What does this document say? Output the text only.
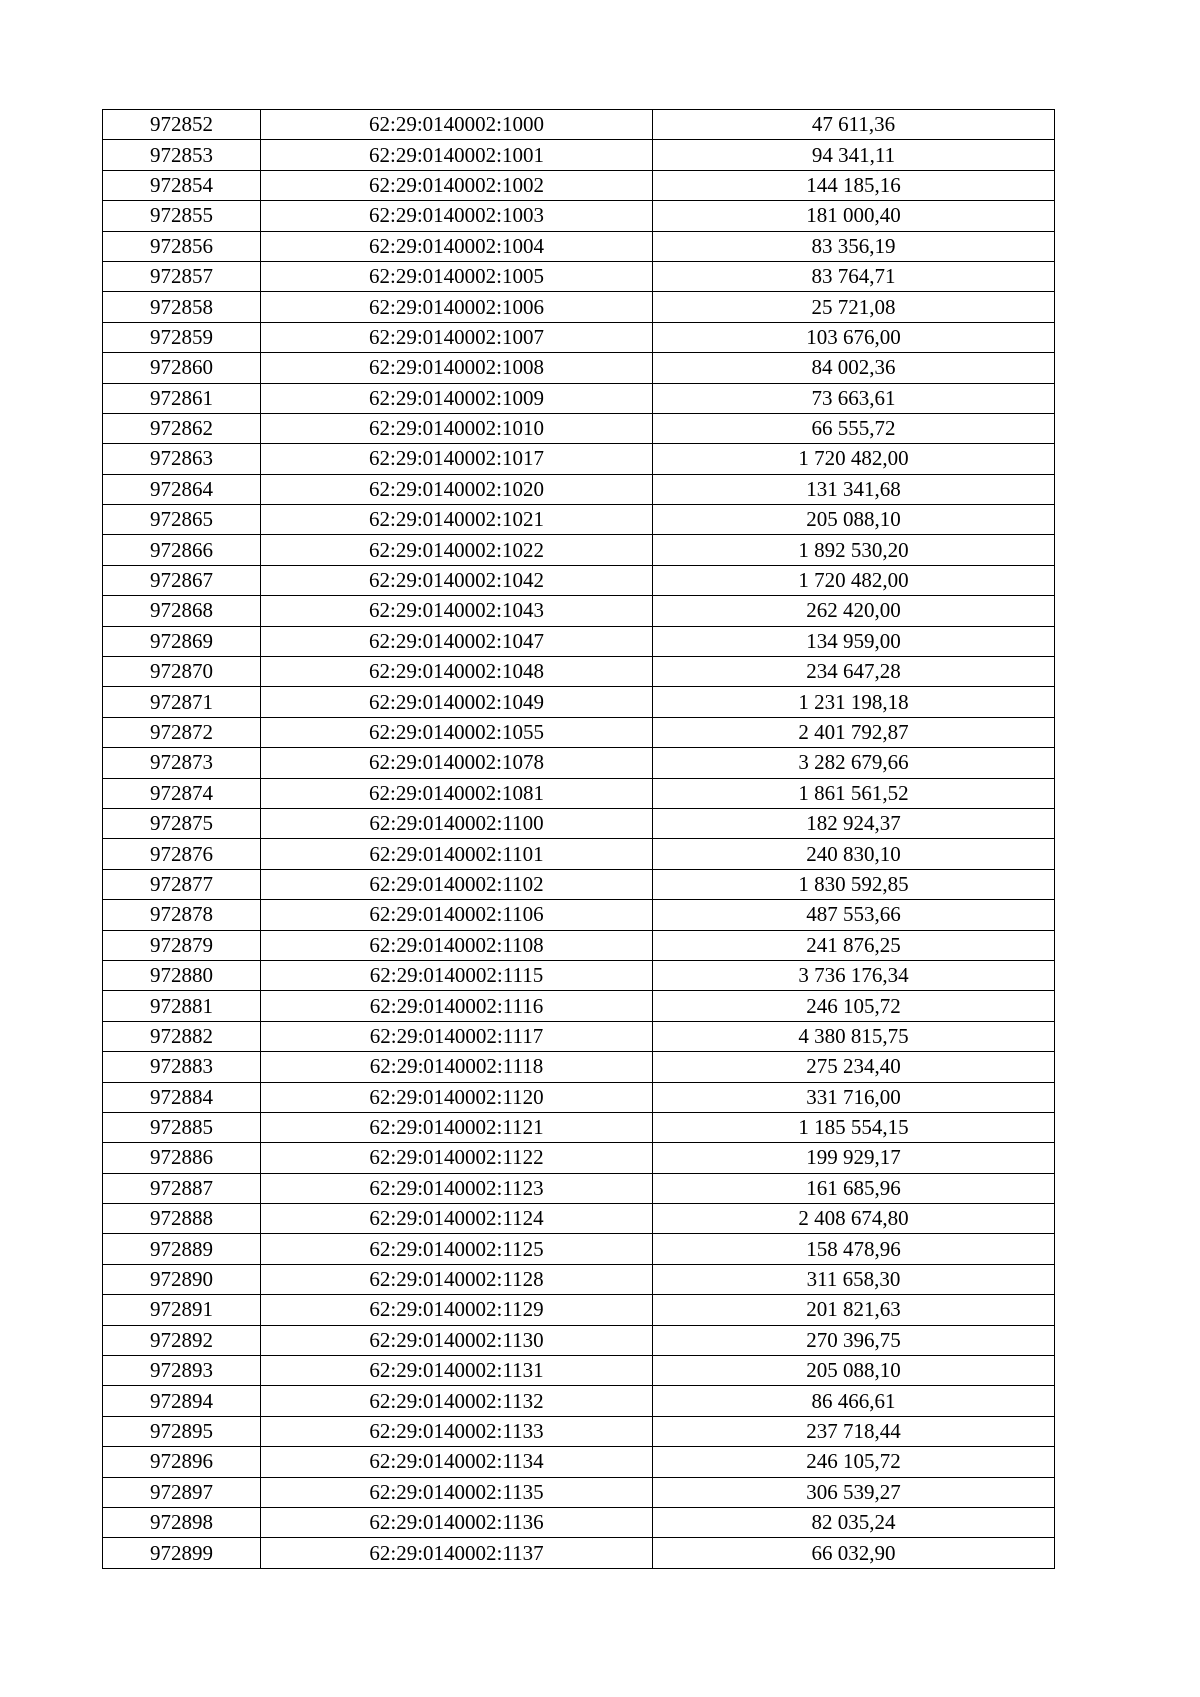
972852	62:29:0140002:1000	47 611,36
972853	62:29:0140002:1001	94 341,11
972854	62:29:0140002:1002	144 185,16
972855	62:29:0140002:1003	181 000,40
972856	62:29:0140002:1004	83 356,19
972857	62:29:0140002:1005	83 764,71
972858	62:29:0140002:1006	25 721,08
972859	62:29:0140002:1007	103 676,00
972860	62:29:0140002:1008	84 002,36
972861	62:29:0140002:1009	73 663,61
972862	62:29:0140002:1010	66 555,72
972863	62:29:0140002:1017	1 720 482,00
972864	62:29:0140002:1020	131 341,68
972865	62:29:0140002:1021	205 088,10
972866	62:29:0140002:1022	1 892 530,20
972867	62:29:0140002:1042	1 720 482,00
972868	62:29:0140002:1043	262 420,00
972869	62:29:0140002:1047	134 959,00
972870	62:29:0140002:1048	234 647,28
972871	62:29:0140002:1049	1 231 198,18
972872	62:29:0140002:1055	2 401 792,87
972873	62:29:0140002:1078	3 282 679,66
972874	62:29:0140002:1081	1 861 561,52
972875	62:29:0140002:1100	182 924,37
972876	62:29:0140002:1101	240 830,10
972877	62:29:0140002:1102	1 830 592,85
972878	62:29:0140002:1106	487 553,66
972879	62:29:0140002:1108	241 876,25
972880	62:29:0140002:1115	3 736 176,34
972881	62:29:0140002:1116	246 105,72
972882	62:29:0140002:1117	4 380 815,75
972883	62:29:0140002:1118	275 234,40
972884	62:29:0140002:1120	331 716,00
972885	62:29:0140002:1121	1 185 554,15
972886	62:29:0140002:1122	199 929,17
972887	62:29:0140002:1123	161 685,96
972888	62:29:0140002:1124	2 408 674,80
972889	62:29:0140002:1125	158 478,96
972890	62:29:0140002:1128	311 658,30
972891	62:29:0140002:1129	201 821,63
972892	62:29:0140002:1130	270 396,75
972893	62:29:0140002:1131	205 088,10
972894	62:29:0140002:1132	86 466,61
972895	62:29:0140002:1133	237 718,44
972896	62:29:0140002:1134	246 105,72
972897	62:29:0140002:1135	306 539,27
972898	62:29:0140002:1136	82 035,24
972899	62:29:0140002:1137	66 032,90
